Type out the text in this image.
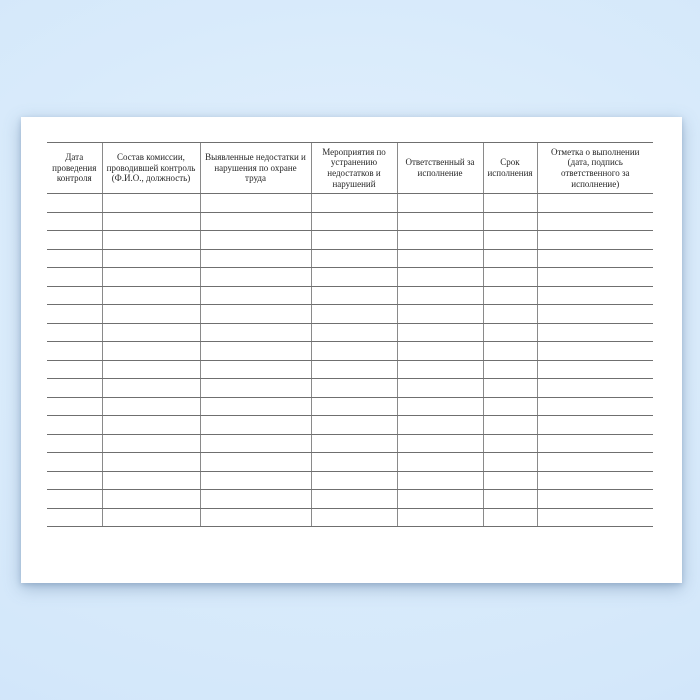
Дата проведения контроля	Состав комиссии, проводившей контроль (Ф.И.О., должность)	Выявленные недостатки и нарушения по охране труда	Мероприятия по устранению недостатков и нарушений	Ответственный за исполнение	Срок исполнения	Отметка о выполнении (дата, подпись ответственного за исполнение)
